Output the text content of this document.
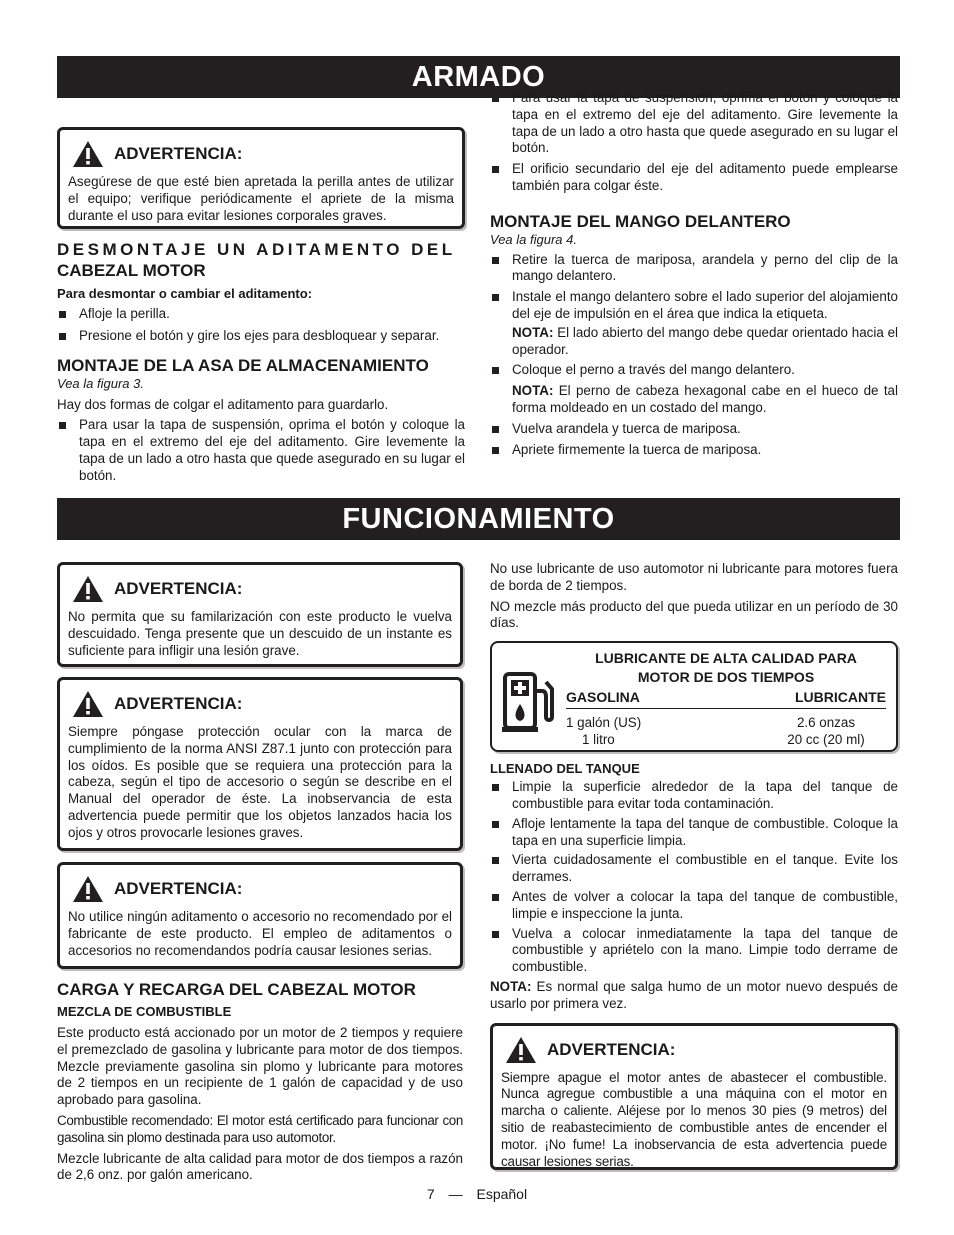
ARMADO
ADVERTENCIA:
Asegúrese de que esté bien apretada la perilla antes de utilizar el equipo; verifique periódicamente el apriete de la misma durante el uso para evitar lesiones corporales graves.
DESMONTAJE UN ADITAMENTO DEL
CABEZAL MOTOR
Para desmontar o cambiar el aditamento:
Afloje la perilla.
Presione el botón y gire los ejes para desbloquear y separar.
MONTAJE DE LA ASA DE ALMACENAMIENTO
Vea la figura 3.

Hay dos formas de colgar el aditamento para guardarlo.

Para usar la tapa de suspensión, oprima el botón y coloque la tapa en el extremo del eje del aditamento. Gire levemente la tapa de un lado a otro hasta que quede asegurado en su lugar el botón.
Para usar la tapa de suspensión, oprima el botón y coloque la tapa en el extremo del eje del aditamento. Gire levemente la tapa de un lado a otro hasta que quede asegurado en su lugar el botón.
El orificio secundario del eje del aditamento puede emplearse también para colgar éste.
MONTAJE DEL MANGO DELANTERO
Vea la figura 4.
Retire la tuerca de mariposa, arandela y perno del clip de la mango delantero.
Instale el mango delantero sobre el lado superior del alojamiento del eje de impulsión en el área que indica la etiqueta.
NOTA: El lado abierto del mango debe quedar orientado hacia el operador.
Coloque el perno a través del mango delantero.
NOTA: El perno de cabeza hexagonal cabe en el hueco de tal forma moldeado en un costado del mango.
Vuelva arandela y tuerca de mariposa.
Apriete firmemente la tuerca de mariposa.
FUNCIONAMIENTO
ADVERTENCIA:
No permita que su familarización con este producto le vuelva descuidado. Tenga presente que un descuido de un instante es suficiente para infligir una lesión grave.
ADVERTENCIA:
Siempre póngase protección ocular con la marca de cumplimiento de la norma ANSI Z87.1 junto con protección para los oídos. Es posible que se requiera una protección para la cabeza, según el tipo de accesorio o según se describe en el Manual del operador de éste. La inobservancia de esta advertencia puede permitir que los objetos lanzados hacia los ojos y otros provocarle lesiones graves.
ADVERTENCIA:
No utilice ningún aditamento o accesorio no recomendado por el fabricante de este producto. El empleo de aditamentos o accesorios no recomendandos podría causar lesiones serias.
CARGA Y RECARGA DEL CABEZAL MOTOR
MEZCLA DE COMBUSTIBLE

Este producto está accionado por un motor de 2 tiempos y requiere el premezclado de gasolina y lubricante para motor de dos tiempos. Mezcle previamente gasolina sin plomo y lubricante para motores de 2 tiempos en un recipiente de 1 galón de capacidad y de uso aprobado para gasolina.

Combustible recomendado: El motor está certificado para funcionar con gasolina sin plomo destinada para uso automotor.

Mezcle lubricante de alta calidad para motor de dos tiempos a razón de 2,6 onz. por galón americano.

No use lubricante de uso automotor ni lubricante para motores fuera de borda de 2 tiempos.

NO mezcle más producto del que pueda utilizar en un período de 30 días.

LUBRICANTE DE ALTA CALIDAD PARA
MOTOR DE DOS TIEMPOS
GASOLINA	LUBRICANTE
1 galón (US)	2.6 onzas
1 litro	20 cc (20 ml)
LLENADO DEL TANQUE
Limpie la superficie alrededor de la tapa del tanque de combustible para evitar toda contaminación.
Afloje lentamente la tapa del tanque de combustible. Coloque la tapa en una superficie limpia.
Vierta cuidadosamente el combustible en el tanque. Evite los derrames.
Antes de volver a colocar la tapa del tanque de combustible, limpie e inspeccione la junta.
Vuelva a colocar inmediatamente la tapa del tanque de combustible y apriételo con la mano. Limpie todo derrame de combustible.

NOTA: Es normal que salga humo de un motor nuevo después de usarlo por primera vez.

ADVERTENCIA:
Siempre apague el motor antes de abastecer el combustible. Nunca agregue combustible a una máquina con el motor en marcha o caliente. Aléjese por lo menos 30 pies (9 metros) del sitio de reabastecimiento de combustible antes de encender el motor. ¡No fume! La inobservancia de esta advertencia puede causar lesiones serias.
7 — Español
